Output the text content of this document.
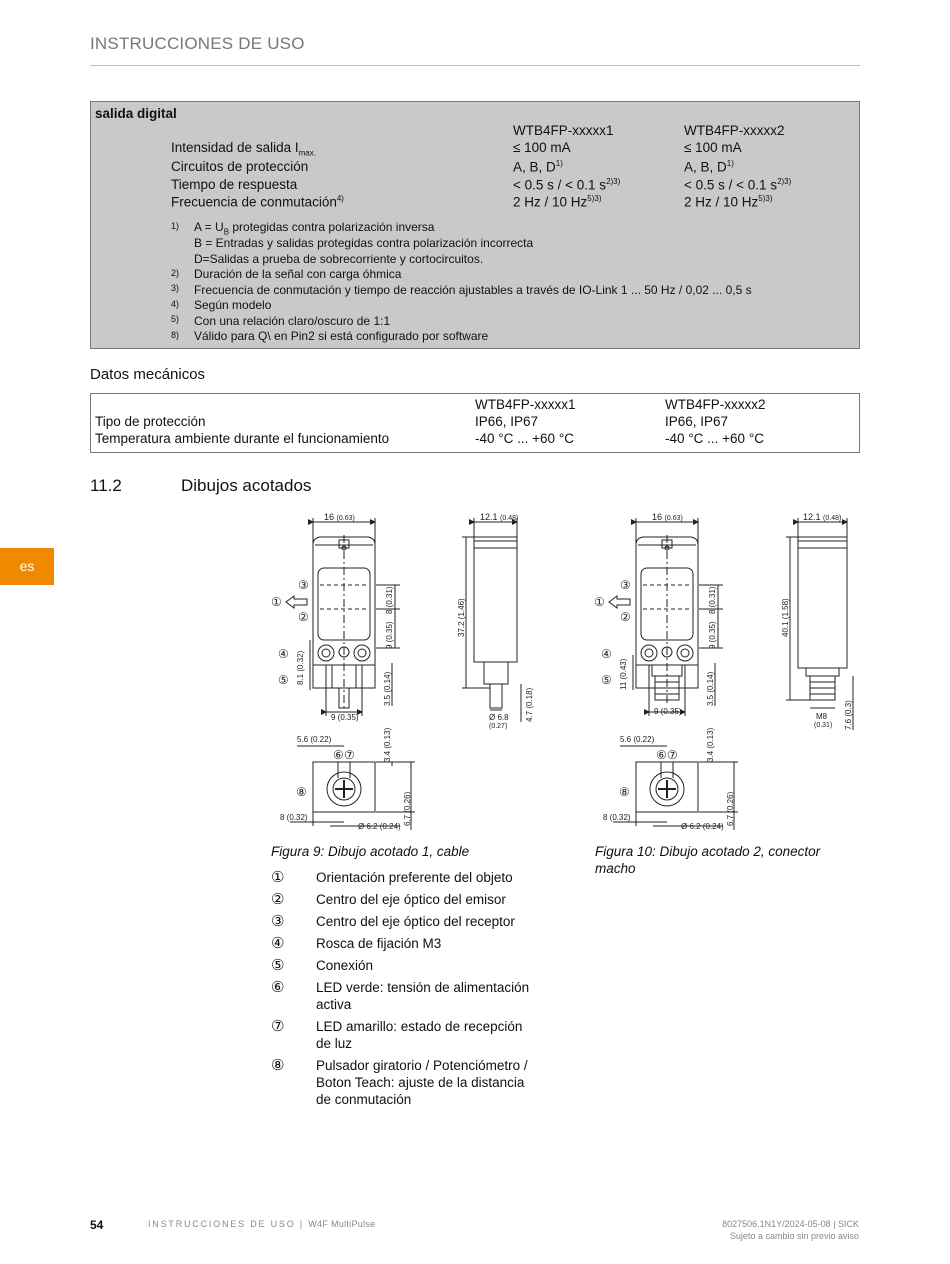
INSTRUCCIONES DE USO
salida digital
WTB4FP-xxxxx1	WTB4FP-xxxxx2
Intensidad de salida $I_{max.}$	≤ 100 mA	≤ 100 mA
Circuitos de protección	A, B, $D^{1)}$	A, B, $D^{1)}$
Tiempo de respuesta	< 0.5 s / < 0.1 $s^{2)3)}$	< 0.5 s / < 0.1 $s^{2)3)}$
Frecuencia de conmutación$^{4)}$	2 Hz / 10 $Hz^{5)3)}$	2 Hz / 10 $Hz^{5)3)}$
1) $A = U_B$ protegidas contra polarización inversa
B = Entradas y salidas protegidas contra polarización incorrecta
D=Salidas a prueba de sobrecorriente y cortocircuitos.
2) Duración de la señal con carga óhmica
3) Frecuencia de conmutación y tiempo de reacción ajustables a través de IO-Link 1 ... 50 Hz / 0,02 ... 0,5 s
4) Según modelo
5) Con una relación claro/oscuro de 1:1
8) Válido para Q\ en Pin2 si está configurado por software
Datos mecánicos
WTB4FP-xxxxx1	WTB4FP-xxxxx2
Tipo de protección	IP66, IP67	IP66, IP67
Temperatura ambiente durante el funcionamiento	-40 °C ... +60 °C	-40 °C ... +60 °C
11.2	Dibujos acotados
es
16 (0.63)	12.1 (0.48)
37.2 (1.46)
8 (0.31)
9 (0.35)
8.1 (0.32)
3.5 (0.14)
9 (0.35)	4.7 (0.18)
Ø 6.8
(0.27)
5.6 (0.22)	3.4 (0.13)
6.7 (0.26)
8 (0.32)
Ø 6.2 (0.24)
16 (0.63)	12.1 (0.48)
40.1 (1.58)
8 (0.31)
9 (0.35)
11 (0.43)	3.5 (0.14)
9 (0.35)
M8
(0.31) 7.6 (0.3)
5.6 (0.22)	3.4 (0.13)
6.7 (0.26)
8 (0.32)
Ø 6.2 (0.24)
③
①
②
④
⑤
⑥ ⑦
⑧
③
①
②
④
⑤
⑥ ⑦
⑧
Figura 9: Dibujo acotado 1, cable	Figura 10: Dibujo acotado 2, conector
macho
① Orientación preferente del objeto
② Centro del eje óptico del emisor
③ Centro del eje óptico del receptor
④ Rosca de fijación M3
⑤ Conexión
⑥ LED verde: tensión de alimentación
activa
⑦ LED amarillo: estado de recepción
de luz
⑧ Pulsador giratorio / Potenciómetro /
Boton Teach: ajuste de la distancia
de conmutación
54	INSTRUCCIONES DE USO | W4F MultiPulse	8027506.1N1Y/2024-05-08 | SICK
Sujeto a cambio sin previo aviso
